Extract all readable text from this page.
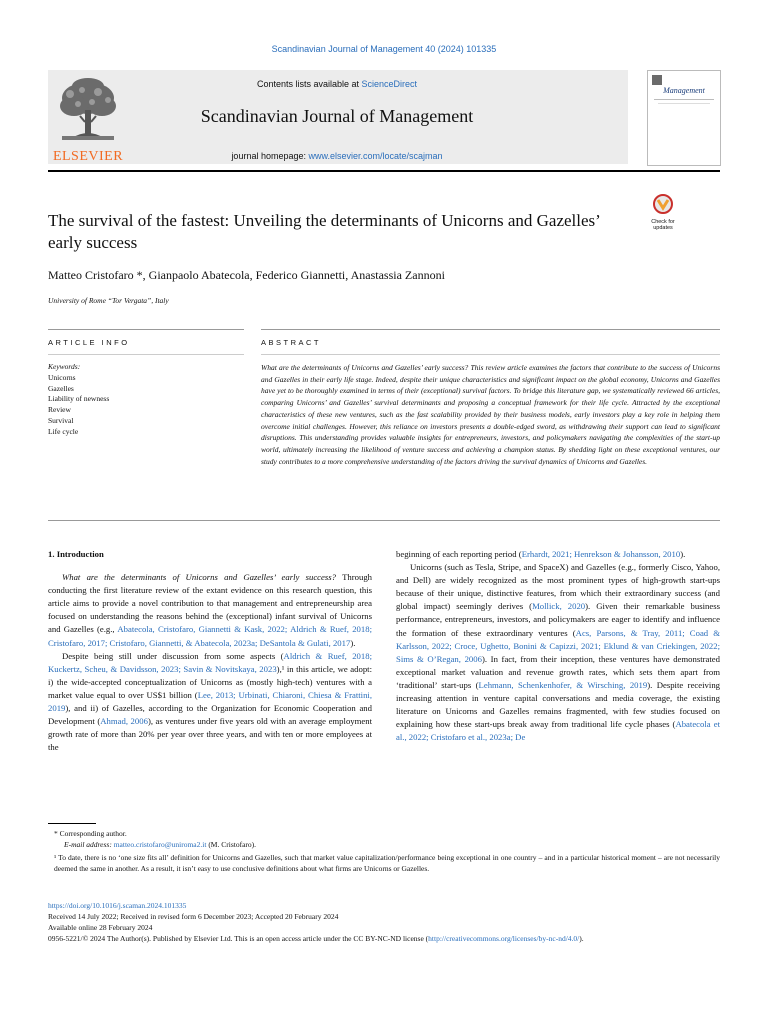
Scandinavian Journal of Management 40 (2024) 101335
ELSEVIER
Contents lists available at ScienceDirect
Scandinavian Journal of Management
journal homepage: www.elsevier.com/locate/scajman
Management
Check for
updates
The survival of the fastest: Unveiling the determinants of Unicorns and Gazelles’ early success
Matteo Cristofaro *, Gianpaolo Abatecola, Federico Giannetti, Anastassia Zannoni
University of Rome “Tor Vergata”, Italy
ARTICLE INFO	ABSTRACT
Keywords:
Unicorns
Gazelles
Liability of newness
Review
Survival
Life cycle
What are the determinants of Unicorns and Gazelles’ early success? This review article examines the factors that contribute to the success of Unicorns and Gazelles in their early life stage. Indeed, despite their unique characteristics and significant impact on the global economy, Unicorns and Gazelles have yet to be thoroughly examined in terms of their (exceptional) survival factors. To bridge this literature gap, we systematically reviewed 66 articles, comparing Unicorns’ and Gazelles’ survival determinants and proposing a conceptual framework for their life cycle. Attracted by the exceptional characteristics of these new ventures, such as the fast scalability provided by their business models, early investors play a key role in helping them overcome initial challenges. However, this reliance on investors presents a double-edged sword, as withdrawing their support can lead to significant disruptions. This understanding provides valuable insights for entrepreneurs, investors, and policymakers navigating the complexities of the start-up world, ultimately increasing the likelihood of venture success and achieving a champion status. By shedding light on these exceptional ventures, our study contributes to a more comprehensive understanding of the factors driving the survival dynamics of Unicorns and Gazelles.

1. Introduction

What are the determinants of Unicorns and Gazelles’ early success? Through conducting the first literature review of the extant evidence on this research question, this article aims to provide a novel contribution to that management and entrepreneurship area focused on understanding the reasons behind the (exceptional) infant survival of Unicorns and Gazelles (e.g., Abatecola, Cristofaro, Giannetti & Kask, 2022; Aldrich & Ruef, 2018; Cristofaro, 2017; Cristofaro, Giannetti, & Abatecola, 2023a; DeSantola & Gulati, 2017).

Despite being still under discussion from some aspects (Aldrich & Ruef, 2018; Kuckertz, Scheu, & Davidsson, 2023; Savin & Novitskaya, 2023),¹ in this article, we adopt: i) the wide-accepted conceptualization of Unicorns as (mostly high-tech) ventures with a market value equal to over US$1 billion (Lee, 2013; Urbinati, Chiaroni, Chiesa & Frattini, 2019), and ii) of Gazelles, according to the Organization for Economic Cooperation and Development (Ahmad, 2006), as ventures under five years old with an average employment growth rate of more than 20% per year over three years, and with ten or more employees at the

beginning of each reporting period (Erhardt, 2021; Henrekson & Johansson, 2010).

Unicorns (such as Tesla, Stripe, and SpaceX) and Gazelles (e.g., formerly Cisco, Yahoo, and Dell) are widely recognized as the most prominent types of high-growth start-ups because of their unique, distinctive features, from which their extraordinary success (and global impact) seemingly derives (Mollick, 2020). Given their remarkable business performance, entrepreneurs, investors, and policymakers are eager to identify and influence the formation of these extraordinary ventures (Acs, Parsons, & Tray, 2011; Coad & Karlsson, 2022; Croce, Ughetto, Bonini & Capizzi, 2021; Eklund & van Criekingen, 2022; Sims & O’Regan, 2006). In fact, from their inception, these ventures have demonstrated exceptional market valuation and revenue growth rates, which sets them apart from ‘traditional’ start-ups (Lehmann, Schenkenhofer, & Wirsching, 2019). Despite receiving increasing attention in venture capital conversations and media coverage, the existing literature on Unicorns and Gazelles remains fragmented, with few studies focused on explaining how these start-ups break away from traditional life cycle phases (Abatecola et al., 2022; Cristofaro et al., 2023a; De

* Corresponding author.
E-mail address: matteo.cristofaro@uniroma2.it (M. Cristofaro).
¹ To date, there is no ‘one size fits all’ definition for Unicorns and Gazelles, such that market value capitalization/performance being exceptional in one country – and in a particular historical moment – are not necessarily deemed the same in another. As a result, it isn’t easy to use conclusive definitions about what firms are Unicorns or Gazelles.
https://doi.org/10.1016/j.scaman.2024.101335
Received 14 July 2022; Received in revised form 6 December 2023; Accepted 20 February 2024
Available online 28 February 2024
0956-5221/© 2024 The Author(s). Published by Elsevier Ltd. This is an open access article under the CC BY-NC-ND license (http://creativecommons.org/licenses/by-nc-nd/4.0/).
